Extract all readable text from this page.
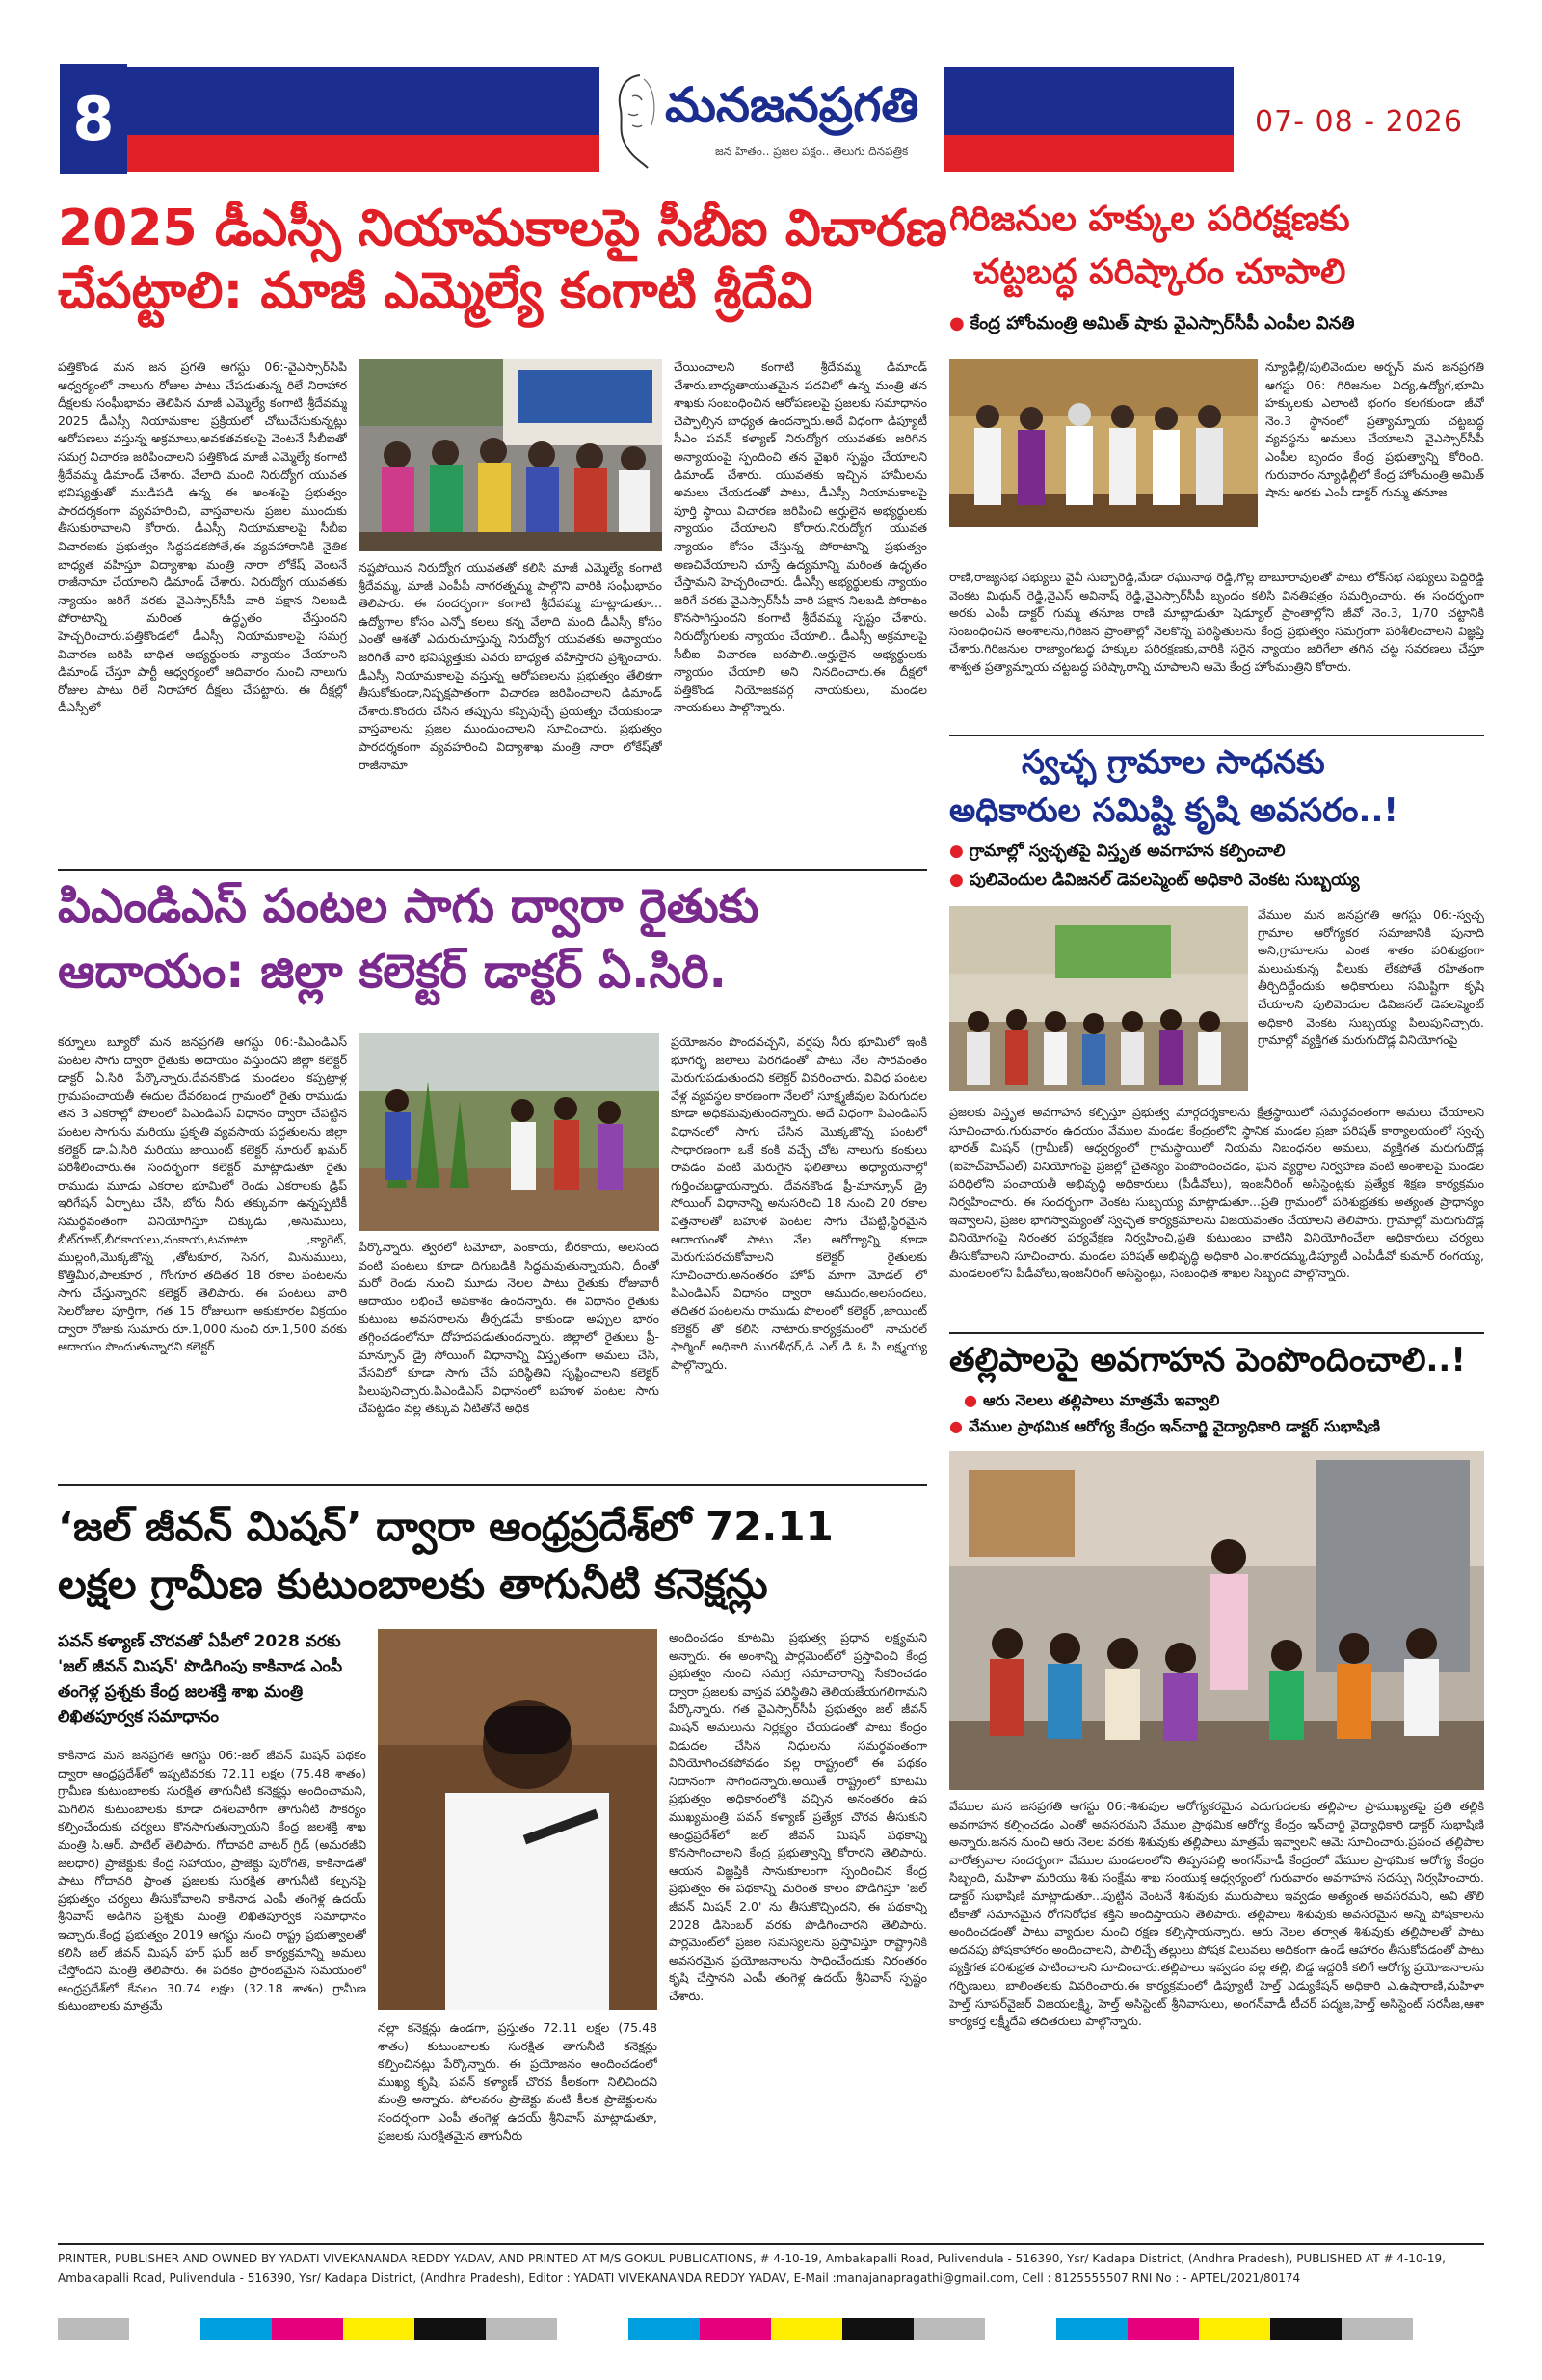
8	మనజనప్రగతి
జన హితం.. ప్రజల పక్షం.. తెలుగు దినపత్రిక
07- 08 - 2026
2025 డీఎస్సీ నియామకాలపై సీబీఐ విచారణ
చేపట్టాలి: మాజీ ఎమ్మెల్యే కంగాటి శ్రీదేవి
పత్తికొండ మన జన ప్రగతి ఆగస్టు 06:-వైఎస్సార్‌సీపీ ఆధ్వర్యంలో నాలుగు రోజుల పాటు చేపడుతున్న రిలే నిరాహార దీక్షలకు సంఘీభావం తెలిపిన మాజీ ఎమ్మెల్యే కంగాటి శ్రీదేవమ్మ 2025 డీఎస్సీ నియామకాల ప్రక్రియలో చోటుచేసుకున్నట్లు ఆరోపణలు వస్తున్న అక్రమాలు,అవకతవకలపై వెంటనే సీబీఐతో సమగ్ర విచారణ జరిపించాలని పత్తికొండ మాజీ ఎమ్మెల్యే కంగాటి శ్రీదేవమ్మ డిమాండ్ చేశారు. వేలాది మంది నిరుద్యోగ యువత భవిష్యత్తుతో ముడిపడి ఉన్న ఈ అంశంపై ప్రభుత్వం పారదర్శకంగా వ్యవహరించి, వాస్తవాలను ప్రజల ముందుకు తీసుకురావాలని కోరారు. డీఎస్సీ నియామకాలపై సీబీఐ విచారణకు ప్రభుత్వం సిద్ధపడకపోతే,ఈ వ్యవహారానికి నైతిక బాధ్యత వహిస్తూ విద్యాశాఖ మంత్రి నారా లోకేష్ వెంటనే రాజీనామా చేయాలని డిమాండ్ చేశారు. నిరుద్యోగ యువతకు న్యాయం జరిగే వరకు వైఎస్సార్‌సీపీ వారి పక్షాన నిలబడి పోరాటాన్ని మరింత ఉద్ధృతం చేస్తుందని హెచ్చరించారు.పత్తికొండలో డీఎస్సీ నియామకాలపై సమగ్ర విచారణ జరిపి బాధిత అభ్యర్థులకు న్యాయం చేయాలని డిమాండ్ చేస్తూ పార్టీ ఆధ్వర్యంలో ఆదివారం నుంచి నాలుగు రోజుల పాటు రిలే నిరాహార దీక్షలు చేపట్టారు. ఈ దీక్షల్లో డీఎస్సీలో
నష్టపోయిన నిరుద్యోగ యువతతో కలిసి మాజీ ఎమ్మెల్యే కంగాటి శ్రీదేవమ్మ, మాజీ ఎంపీపీ నాగరత్నమ్మ పాల్గొని వారికి సంఘీభావం తెలిపారు. ఈ సందర్భంగా కంగాటి శ్రీదేవమ్మ మాట్లాడుతూ... ఉద్యోగాల కోసం ఎన్నో కలలు కన్న వేలాది మంది డీఎస్సీ కోసం ఎంతో ఆశతో ఎదురుచూస్తున్న నిరుద్యోగ యువతకు అన్యాయం జరిగితే వారి భవిష్యత్తుకు ఎవరు బాధ్యత వహిస్తారని ప్రశ్నించారు. డీఎస్సీ నియామకాలపై వస్తున్న ఆరోపణలను ప్రభుత్వం తేలికగా తీసుకోకుండా,నిష్పక్షపాతంగా విచారణ జరిపించాలని డిమాండ్ చేశారు.కొందరు చేసిన తప్పును కప్పిపుచ్చే ప్రయత్నం చేయకుండా వాస్తవాలను ప్రజల ముందుంచాలని సూచించారు. ప్రభుత్వం పారదర్శకంగా వ్యవహరించి విద్యాశాఖ మంత్రి నారా లోకేష్‌తో రాజీనామా
చేయించాలని కంగాటి శ్రీదేవమ్మ డిమాండ్ చేశారు.బాధ్యతాయుతమైన పదవిలో ఉన్న మంత్రి తన శాఖకు సంబంధించిన ఆరోపణలపై ప్రజలకు సమాధానం చెప్పాల్సిన బాధ్యత ఉందన్నారు.అదే విధంగా డిప్యూటీ సీఎం పవన్ కళ్యాణ్ నిరుద్యోగ యువతకు జరిగిన అన్యాయంపై స్పందించి తన వైఖరి స్పష్టం చేయాలని డిమాండ్ చేశారు. యువతకు ఇచ్చిన హామీలను అమలు చేయడంతో పాటు, డీఎస్సీ నియామకాలపై పూర్తి స్థాయి విచారణ జరిపించి అర్హులైన అభ్యర్థులకు న్యాయం చేయాలని కోరారు.నిరుద్యోగ యువత న్యాయం కోసం చేస్తున్న పోరాటాన్ని ప్రభుత్వం అణచివేయాలని చూస్తే ఉద్యమాన్ని మరింత ఉధృతం చేస్తామని హెచ్చరించారు. డీఎస్సీ అభ్యర్థులకు న్యాయం జరిగే వరకు వైఎస్సార్‌సీపీ వారి పక్షాన నిలబడి పోరాటం కొనసాగిస్తుందని కంగాటి శ్రీదేవమ్మ స్పష్టం చేశారు. నిరుద్యోగులకు న్యాయం చేయాలి.. డీఎస్సీ అక్రమాలపై సీబీఐ విచారణ జరపాలి..అర్హులైన అభ్యర్థులకు న్యాయం చేయాలి అని నినదించారు.ఈ దీక్షలో పత్తికొండ నియోజకవర్గ నాయకులు, మండల నాయకులు పాల్గొన్నారు.
గిరిజనుల హక్కుల పరిరక్షణకు
చట్టబద్ధ పరిష్కారం చూపాలి
● కేంద్ర హోంమంత్రి అమిత్ షాకు వైఎస్సార్‌సీపీ ఎంపీల వినతి
న్యూఢిల్లీ/పులివెందుల అర్బన్ మన జనప్రగతి ఆగస్టు 06: గిరిజనుల విద్య,ఉద్యోగ,భూమి హక్కులకు ఎలాంటి భంగం కలగకుండా జీవో నెం.3 స్థానంలో ప్రత్యామ్నాయ చట్టబద్ధ వ్యవస్థను అమలు చేయాలని వైఎస్సార్‌సీపీ ఎంపీల బృందం కేంద్ర ప్రభుత్వాన్ని కోరింది. గురువారం న్యూఢిల్లీలో కేంద్ర హోంమంత్రి అమిత్ షాను అరకు ఎంపీ డాక్టర్ గుమ్మ తనూజ
రాణి,రాజ్యసభ సభ్యులు వైవీ సుబ్బారెడ్డి,మేడా రఘునాథ రెడ్డి,గొల్ల బాబూరావులతో పాటు లోక్‌సభ సభ్యులు పెద్దిరెడ్డి వెంకట మిథున్ రెడ్డి,వైఎస్ అవినాష్ రెడ్డి,వైఎస్సార్‌సీపీ బృందం కలిసి వినతిపత్రం సమర్పించారు. ఈ సందర్భంగా అరకు ఎంపీ డాక్టర్ గుమ్మ తనూజ రాణి మాట్లాడుతూ షెడ్యూల్ ప్రాంతాల్లోని జీవో నెం.3, 1/70 చట్టానికి సంబంధించిన అంశాలను,గిరిజన ప్రాంతాల్లో నెలకొన్న పరిస్థితులను కేంద్ర ప్రభుత్వం సమగ్రంగా పరిశీలించాలని విజ్ఞప్తి చేశారు.గిరిజనుల రాజ్యాంగబద్ధ హక్కుల పరిరక్షణకు,వారికి సరైన న్యాయం జరిగేలా తగిన చట్ట సవరణలు చేస్తూ శాశ్వత ప్రత్యామ్నాయ చట్టబద్ధ పరిష్కారాన్ని చూపాలని ఆమె కేంద్ర హోంమంత్రిని కోరారు.
స్వచ్ఛ గ్రామాల సాధనకు
అధికారుల సమిష్టి కృషి అవసరం..!
● గ్రామాల్లో స్వచ్ఛతపై విస్తృత అవగాహన కల్పించాలి
● పులివెందుల డివిజనల్ డెవలప్మెంట్ అధికారి వెంకట సుబ్బయ్య
వేముల మన జనప్రగతి ఆగస్టు 06:-స్వచ్ఛ గ్రామాల ఆరోగ్యకర సమాజానికి పునాది అని,గ్రామాలను ఎంత శాతం పరిశుభ్రంగా మలుచుకున్న వీలుకు లేకపోతే రహితంగా తీర్చిదిద్దేందుకు అధికారులు సమిష్టిగా కృషి చేయాలని పులివెందుల డివిజనల్ డెవలప్మెంట్ అధికారి వెంకట సుబ్బయ్య పిలుపునిచ్చారు. గ్రామాల్లో వ్యక్తిగత మరుగుదొడ్ల వినియోగంపై
ప్రజలకు విస్తృత అవగాహన కల్పిస్తూ ప్రభుత్వ మార్గదర్శకాలను క్షేత్రస్థాయిలో సమర్థవంతంగా అమలు చేయాలని సూచించారు.గురువారం ఉదయం వేముల మండల కేంద్రంలోని స్థానిక మండల ప్రజా పరిషత్ కార్యాలయంలో స్వచ్ఛ భారత్ మిషన్ (గ్రామీణ్) ఆధ్వర్యంలో గ్రామస్థాయిలో నియమ నిబంధనల అమలు, వ్యక్తిగత మరుగుదొడ్ల (ఐహెచ్‌హెచ్‌ఎల్) వినియోగంపై ప్రజల్లో చైతన్యం పెంపొందించడం, ఘన వ్యర్థాల నిర్వహణ వంటి అంశాలపై మండల పరిధిలోని పంచాయతీ అభివృద్ధి అధికారులు (పీడీవోలు), ఇంజనీరింగ్ అసిస్టెంట్లకు ప్రత్యేక శిక్షణ కార్యక్రమం నిర్వహించారు. ఈ సందర్భంగా వెంకట సుబ్బయ్య మాట్లాడుతూ...ప్రతి గ్రామంలో పరిశుభ్రతకు అత్యంత ప్రాధాన్యం ఇవ్వాలని, ప్రజల భాగస్వామ్యంతో స్వచ్ఛత కార్యక్రమాలను విజయవంతం చేయాలని తెలిపారు. గ్రామాల్లో మరుగుదొడ్ల వినియోగంపై నిరంతర పర్యవేక్షణ నిర్వహించి,ప్రతి కుటుంబం వాటిని వినియోగించేలా అధికారులు చర్యలు తీసుకోవాలని సూచించారు. మండల పరిషత్ అభివృద్ధి అధికారి ఎం.శారదమ్మ,డిప్యూటీ ఎంపీడీవో కుమార్ రంగయ్య, మండలంలోని పీడీవోలు,ఇంజనీరింగ్ అసిస్టెంట్లు, సంబంధిత శాఖల సిబ్బంది పాల్గొన్నారు.
తల్లిపాలపై అవగాహన పెంపొందించాలి..!
● ఆరు నెలలు తల్లిపాలు మాత్రమే ఇవ్వాలి
● వేముల ప్రాథమిక ఆరోగ్య కేంద్రం ఇన్‌చార్జి వైద్యాధికారి డాక్టర్ సుభాషిణి
వేముల మన జనప్రగతి ఆగస్టు 06:-శిశువుల ఆరోగ్యకరమైన ఎదుగుదలకు తల్లిపాల ప్రాముఖ్యతపై ప్రతి తల్లికి అవగాహన కల్పించడం ఎంతో అవసరమని వేముల ప్రాథమిక ఆరోగ్య కేంద్రం ఇన్‌చార్జి వైద్యాధికారి డాక్టర్ సుభాషిణి అన్నారు.జనన నుంచి ఆరు నెలల వరకు శిశువుకు తల్లిపాలు మాత్రమే ఇవ్వాలని ఆమె సూచించారు.ప్రపంచ తల్లిపాల వారోత్సవాల సందర్భంగా వేముల మండలంలోని తిప్పనపల్లి అంగన్‌వాడీ కేంద్రంలో వేముల ప్రాథమిక ఆరోగ్య కేంద్రం సిబ్బంది, మహిళా మరియు శిశు సంక్షేమ శాఖ సంయుక్త ఆధ్వర్యంలో గురువారం అవగాహన సదస్సు నిర్వహించారు. డాక్టర్ సుభాషిణి మాట్లాడుతూ...పుట్టిన వెంటనే శిశువుకు మురుపాలు ఇవ్వడం అత్యంత అవసరమని, అవి తొలి టీకాతో సమానమైన రోగనిరోధక శక్తిని అందిస్తాయని తెలిపారు. తల్లిపాలు శిశువుకు అవసరమైన అన్ని పోషకాలను అందించడంతో పాటు వ్యాధుల నుంచి రక్షణ కల్పిస్తాయన్నారు. ఆరు నెలల తర్వాత శిశువుకు తల్లిపాలతో పాటు అదనపు పోషకాహారం అందించాలని, పాలిచ్చే తల్లులు పోషక విలువలు అధికంగా ఉండే ఆహారం తీసుకోవడంతో పాటు వ్యక్తిగత పరిశుభ్రత పాటించాలని సూచించారు.తల్లిపాలు ఇవ్వడం వల్ల తల్లి, బిడ్డ ఇద్దరికీ కలిగే ఆరోగ్య ప్రయోజనాలను గర్భిణులు, బాలింతలకు వివరించారు.ఈ కార్యక్రమంలో డిప్యూటీ హెల్త్ ఎడ్యుకేషన్ అధికారి ఎ.ఉషారాణి,మహిళా హెల్త్ సూపర్‌వైజర్ విజయలక్ష్మి, హెల్త్ అసిస్టెంట్ శ్రీనివాసులు, అంగన్‌వాడీ టీచర్ పద్మజ,హెల్త్ అసిస్టెంట్ సరసీజ,ఆశా కార్యకర్త లక్ష్మీదేవి తదితరులు పాల్గొన్నారు.
పిఎండిఎస్ పంటల సాగు ద్వారా రైతుకు
ఆదాయం: జిల్లా కలెక్టర్ డాక్టర్ ఏ.సిరి.
కర్నూలు బ్యూరో మన జనప్రగతి ఆగస్టు 06:-పిఎండిఎస్ పంటల సాగు ద్వారా రైతుకు అదాయం వస్తుందని జిల్లా కలెక్టర్ డాక్టర్ ఏ.సిరి పేర్కొన్నారు.దేవనకొండ మండలం కప్పట్రాళ్ల గ్రామపంచాయతీ ఈదుల దేవరబండ గ్రామంలో రైతు రాముడు తన 3 ఎకరాల్లో పొలంలో పిఎండిఎస్ విధానం ద్వారా చేపట్టిన పంటల సాగును మరియు ప్రకృతి వ్యవసాయ పద్ధతులను జిల్లా కలెక్టర్ డా.ఏ.సిరి మరియు జాయింట్ కలెక్టర్ నూరుల్ ఖమర్ పరిశీలించారు.ఈ సందర్భంగా కలెక్టర్ మాట్లాడుతూ రైతు రాముడు మూడు ఎకరాల భూమిలో రెండు ఎకరాలకు డ్రిప్ ఇరిగేషన్ ఏర్పాటు చేసి, బోరు నీరు తక్కువగా ఉన్నప్పటికీ సమర్థవంతంగా వినియోగిస్తూ చిక్కుడు ,అనుములు, బీట్‌రూట్,బీరకాయలు,వంకాయ,టమాటా ,క్యారెట్, ముల్లంగి,మొక్కజొన్న ,తోటకూర, సెనగ, మినుములు, కొత్తిమీర,పాలకూర , గోంగూర తదితర 18 రకాల పంటలను సాగు చేస్తున్నారని కలెక్టర్ తెలిపారు. ఈ పంటలు వారి సెలరోజుల పూర్తిగా, గత 15 రోజులుగా అకుకూరల విక్రయం ద్వారా రోజుకు సుమారు రూ.1,000 నుంచి రూ.1,500 వరకు ఆదాయం పొందుతున్నారని కలెక్టర్
పేర్కొన్నారు. త్వరలో టమోటా, వంకాయ, బీరకాయ, అలసంద వంటి పంటలు కూడా దిగుబడికి సిద్ధమవుతున్నాయని, దీంతో మరో రెండు నుంచి మూడు నెలల పాటు రైతుకు రోజువారీ ఆదాయం లభించే అవకాశం ఉందన్నారు. ఈ విధానం రైతుకు కుటుంబ అవసరాలను తీర్చడమే కాకుండా అప్పుల భారం తగ్గించడంలోనూ దోహదపడుతుందన్నారు. జిల్లాలో రైతులు ప్రీ-మాన్సూన్ డ్రై సోయింగ్ విధానాన్ని విస్తృతంగా అమలు చేసి, వేసవిలో కూడా సాగు చేసే పరిస్థితిని సృష్టించాలని కలెక్టర్ పిలుపునిచ్చారు.పిఎండిఎస్ విధానంలో బహుళ పంటల సాగు చేపట్టడం వల్ల తక్కువ నీటితోనే అధిక
ప్రయోజనం పొందవచ్చని, వర్షపు నీరు భూమిలో ఇంకి భూగర్భ జలాలు పెరగడంతో పాటు నేల సారవంతం మెరుగుపడుతుందని కలెక్టర్ వివరించారు. వివిధ పంటల వేళ్ల వ్యవస్థల కారణంగా నేలలో సూక్ష్మజీవుల పెరుగుదల కూడా అధికమవుతుందన్నారు. అదే విధంగా పిఎండిఎస్ విధానంలో సాగు చేసిన మొక్కజొన్న పంటలో సాధారణంగా ఒకే కంకి వచ్చే చోట నాలుగు కంకులు రావడం వంటి మెరుగైన ఫలితాలు అధ్యాయనాల్లో గుర్తించబడ్డాయన్నారు. దేవనకొండ ప్రీ-మాన్సూన్ డ్రై సోయింగ్ విధానాన్ని అనుసరించి 18 నుంచి 20 రకాల విత్తనాలతో బహుళ పంటల సాగు చేపట్టి,స్థిరమైన ఆదాయంతో పాటు నేల ఆరోగ్యాన్ని కూడా మెరుగుపరచుకోవాలని కలెక్టర్ రైతులకు సూచించారు.అనంతరం హోప్ మాగా మోడల్ లో పిఎండిఎస్ విధానం ద్వారా ఆముదం,అలసందలు, తదితర పంటలను రాముడు పొలంలో కలెక్టర్ ,జాయింట్ కలెక్టర్ తో కలిసి నాటారు.కార్యక్రమంలో నాచురల్ ఫార్మింగ్ అధికారి మురళీధర్,డి ఎల్ డి ఓ పి లక్ష్మయ్య పాల్గొన్నారు.
‘జల్ జీవన్ మిషన్’ ద్వారా ఆంధ్రప్రదేశ్‌లో 72.11
లక్షల గ్రామీణ కుటుంబాలకు తాగునీటి కనెక్షన్లు
పవన్ కళ్యాణ్ చొరవతో ఏపీలో 2028 వరకు 'జల్ జీవన్ మిషన్' పొడిగింపు కాకినాడ ఎంపీ తంగెళ్ల ప్రశ్నకు కేంద్ర జలశక్తి శాఖ మంత్రి లిఖితపూర్వక సమాధానం
కాకినాడ మన జనప్రగతి ఆగస్టు 06:-జల్ జీవన్ మిషన్ పథకం ద్వారా ఆంధ్రప్రదేశ్‌లో ఇప్పటివరకు 72.11 లక్షల (75.48 శాతం) గ్రామీణ కుటుంబాలకు సురక్షిత తాగునీటి కనెక్షన్లు అందించామని, మిగిలిన కుటుంబాలకు కూడా దశలవారీగా తాగునీటి సౌకర్యం కల్పించేందుకు చర్యలు కొనసాగుతున్నాయని కేంద్ర జలశక్తి శాఖ మంత్రి సి.ఆర్. పాటిల్ తెలిపారు. గోదావరి వాటర్ గ్రిడ్ (అమరజీవి జలధార) ప్రాజెక్టుకు కేంద్ర సహాయం, ప్రాజెక్టు పురోగతి, కాకినాడతో పాటు గోదావరి ప్రాంత ప్రజలకు సురక్షిత తాగునీటి కల్పనపై ప్రభుత్వం చర్యలు తీసుకోవాలని కాకినాడ ఎంపీ తంగెళ్ల ఉదయ్ శ్రీనివాస్ అడిగిన ప్రశ్నకు మంత్రి లిఖితపూర్వక సమాధానం ఇచ్చారు.కేంద్ర ప్రభుత్వం 2019 ఆగస్టు నుంచి రాష్ట్ర ప్రభుత్వాలతో కలిసి జల్ జీవన్ మిషన్ హర్ ఘర్ జల్ కార్యక్రమాన్ని అమలు చేస్తోందని మంత్రి తెలిపారు. ఈ పథకం ప్రారంభమైన సమయంలో ఆంధ్రప్రదేశ్‌లో కేవలం 30.74 లక్షల (32.18 శాతం) గ్రామీణ కుటుంబాలకు మాత్రమే
నల్లా కనెక్షన్లు ఉండగా, ప్రస్తుతం 72.11 లక్షల (75.48 శాతం) కుటుంబాలకు సురక్షిత తాగునీటి కనెక్షన్లు కల్పించినట్లు పేర్కొన్నారు. ఈ ప్రయోజనం అందించడంలో ముఖ్య కృషి, పవన్ కళ్యాణ్ చొరవ కీలకంగా నిలిచిందని మంత్రి అన్నారు. పోలవరం ప్రాజెక్టు వంటి కీలక ప్రాజెక్టులను సందర్భంగా ఎంపీ తంగెళ్ల ఉదయ్ శ్రీనివాస్ మాట్లాడుతూ, ప్రజలకు సురక్షితమైన తాగునీరు
అందించడం కూటమి ప్రభుత్వ ప్రధాన లక్ష్యమని అన్నారు. ఈ అంశాన్ని పార్లమెంట్‌లో ప్రస్తావించి కేంద్ర ప్రభుత్వం నుంచి సమగ్ర సమాచారాన్ని సేకరించడం ద్వారా ప్రజలకు వాస్తవ పరిస్థితిని తెలియజేయగలిగామని పేర్కొన్నారు. గత వైఎస్సార్‌సీపీ ప్రభుత్వం జల్ జీవన్ మిషన్ అమలును నిర్లక్ష్యం చేయడంతో పాటు కేంద్రం విడుదల చేసిన నిధులను సమర్థవంతంగా వినియోగించకపోవడం వల్ల రాష్ట్రంలో ఈ పథకం నిదానంగా సాగిందన్నారు.అయితే రాష్ట్రంలో కూటమి ప్రభుత్వం అధికారంలోకి వచ్చిన అనంతరం ఉప ముఖ్యమంత్రి పవన్ కళ్యాణ్ ప్రత్యేక చొరవ తీసుకుని ఆంధ్రప్రదేశ్‌లో జల్ జీవన్ మిషన్ పథకాన్ని కొనసాగించాలని కేంద్ర ప్రభుత్వాన్ని కోరారని తెలిపారు. ఆయన విజ్ఞప్తికి సానుకూలంగా స్పందించిన కేంద్ర ప్రభుత్వం ఈ పథకాన్ని మరింత కాలం పొడిగిస్తూ 'జల్ జీవన్ మిషన్ 2.0' ను తీసుకొచ్చిందని, ఈ పథకాన్ని 2028 డిసెంబర్ వరకు పొడిగించారని తెలిపారు. పార్లమెంట్‌లో ప్రజల సమస్యలను ప్రస్తావిస్తూ రాష్ట్రానికి అవసరమైన ప్రయోజనాలను సాధించేందుకు నిరంతరం కృషి చేస్తానని ఎంపీ తంగెళ్ల ఉదయ్ శ్రీనివాస్ స్పష్టం చేశారు.
PRINTER, PUBLISHER AND OWNED BY YADATI VIVEKANANDA REDDY YADAV, AND PRINTED AT M/S GOKUL PUBLICATIONS, # 4-10-19, Ambakapalli Road, Pulivendula - 516390, Ysr/ Kadapa District, (Andhra Pradesh), PUBLISHED AT # 4-10-19, Ambakapalli Road, Pulivendula - 516390, Ysr/ Kadapa District, (Andhra Pradesh), Editor : YADATI VIVEKANANDA REDDY YADAV, E-Mail :manajanapragathi@gmail.com, Cell : 8125555507 RNI No : - APTEL/2021/80174
